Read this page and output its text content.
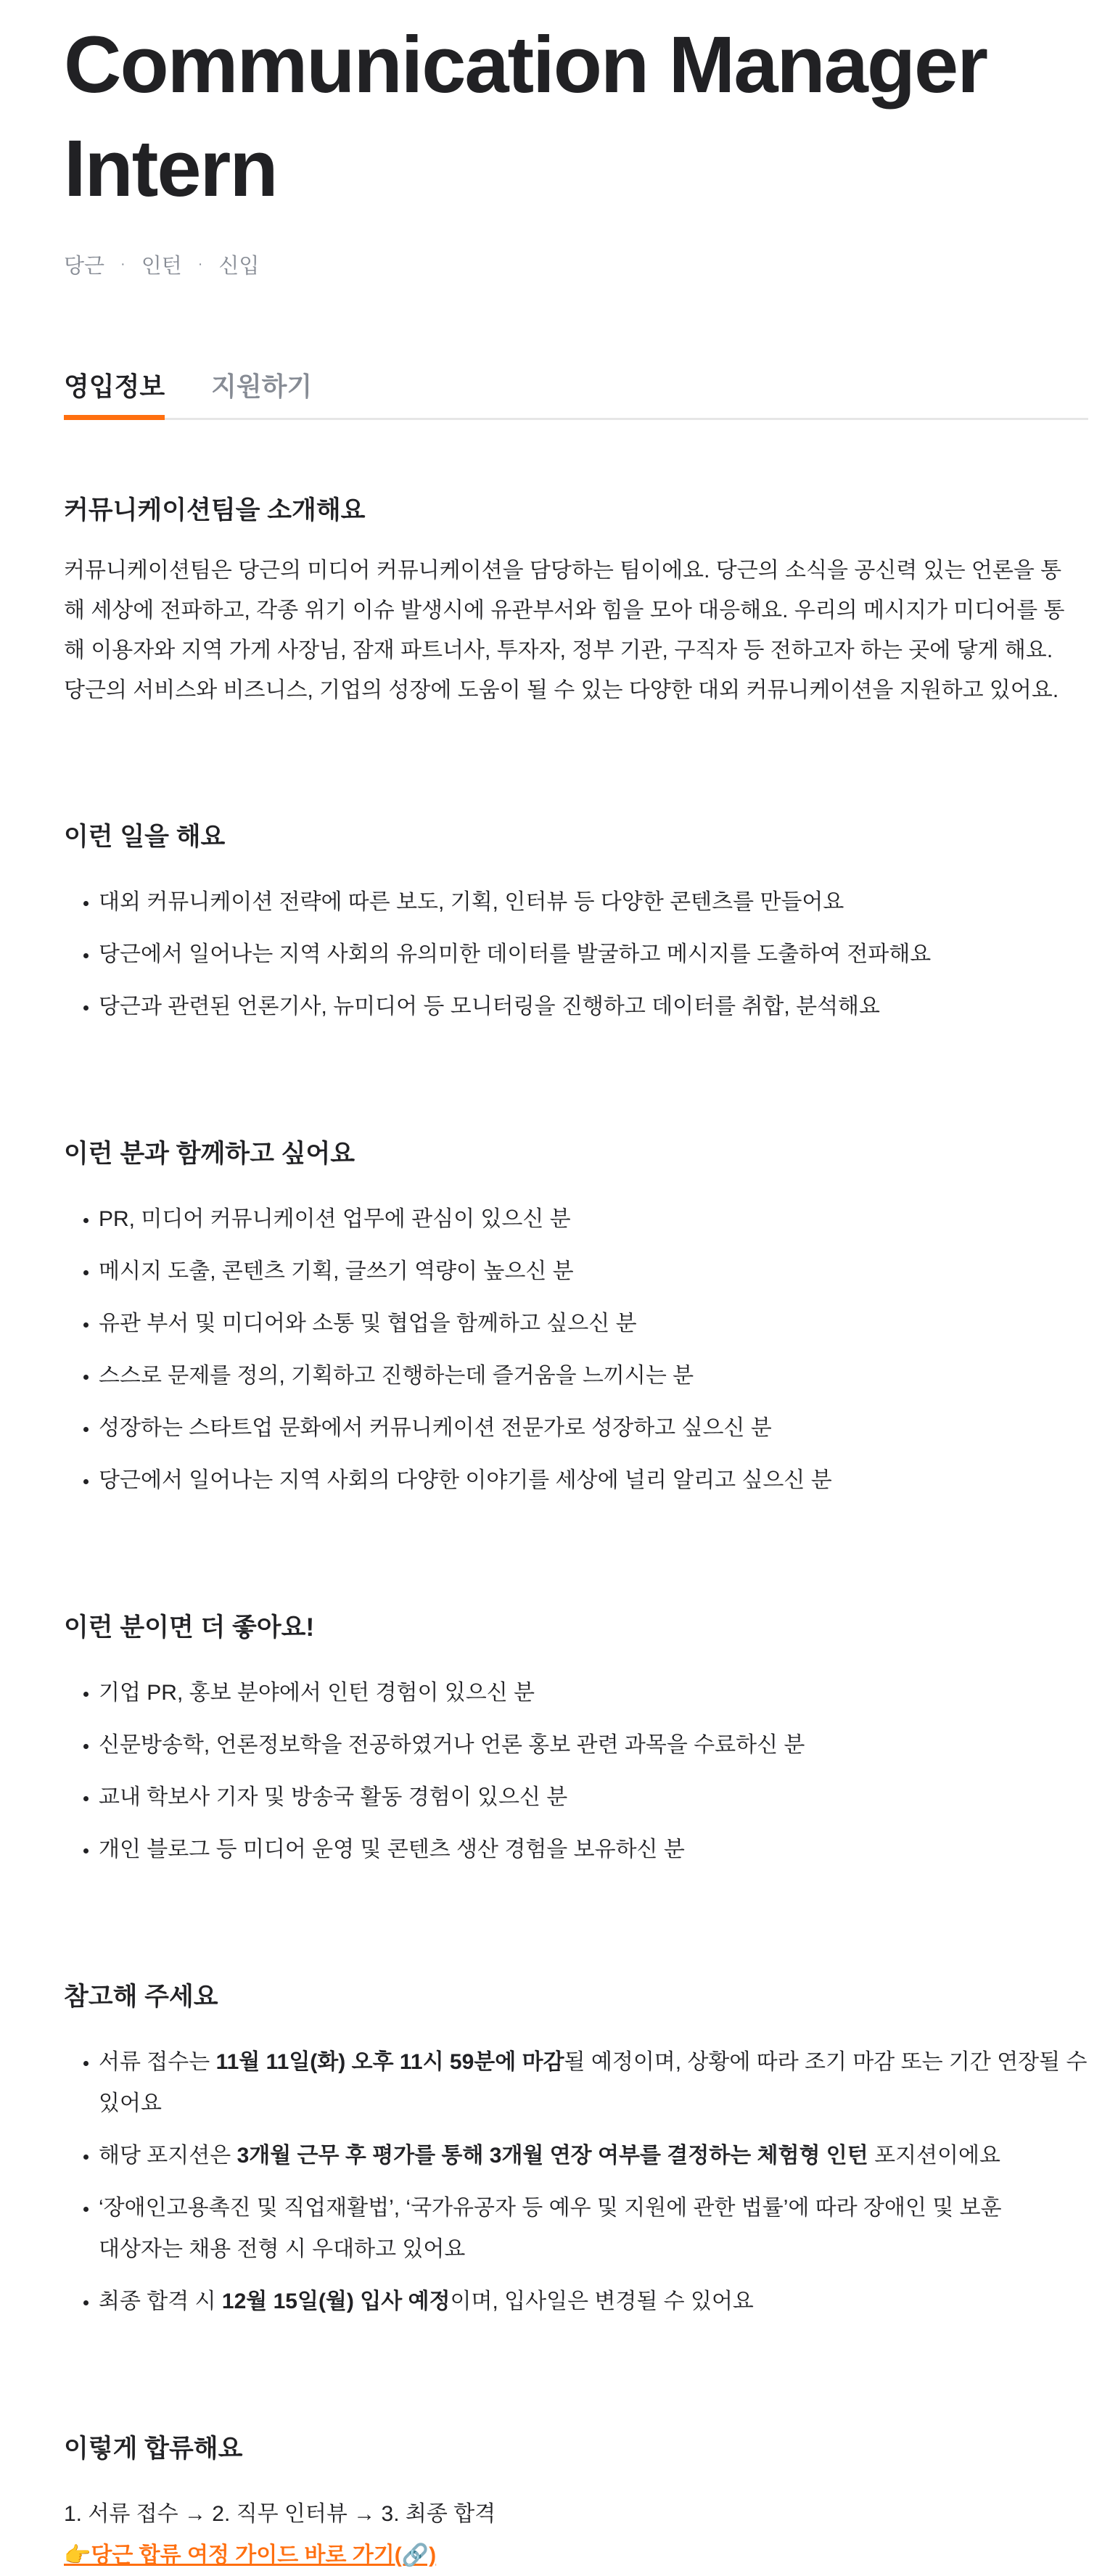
Communication Manager Intern
당근 · 인턴 · 신입
영입정보 지원하기
커뮤니케이션팀을 소개해요

커뮤니케이션팀은 당근의 미디어 커뮤니케이션을 담당하는 팀이에요. 당근의 소식을 공신력 있는 언론을 통해 세상에 전파하고, 각종 위기 이슈 발생시에 유관부서와 힘을 모아 대응해요. 우리의 메시지가 미디어를 통해 이용자와 지역 가게 사장님, 잠재 파트너사, 투자자, 정부 기관, 구직자 등 전하고자 하는 곳에 닿게 해요. 당근의 서비스와 비즈니스, 기업의 성장에 도움이 될 수 있는 다양한 대외 커뮤니케이션을 지원하고 있어요.

이런 일을 해요
• 대외 커뮤니케이션 전략에 따른 보도, 기획, 인터뷰 등 다양한 콘텐츠를 만들어요
• 당근에서 일어나는 지역 사회의 유의미한 데이터를 발굴하고 메시지를 도출하여 전파해요
• 당근과 관련된 언론기사, 뉴미디어 등 모니터링을 진행하고 데이터를 취합, 분석해요
이런 분과 함께하고 싶어요
• PR, 미디어 커뮤니케이션 업무에 관심이 있으신 분
• 메시지 도출, 콘텐츠 기획, 글쓰기 역량이 높으신 분
• 유관 부서 및 미디어와 소통 및 협업을 함께하고 싶으신 분
• 스스로 문제를 정의, 기획하고 진행하는데 즐거움을 느끼시는 분
• 성장하는 스타트업 문화에서 커뮤니케이션 전문가로 성장하고 싶으신 분
• 당근에서 일어나는 지역 사회의 다양한 이야기를 세상에 널리 알리고 싶으신 분
이런 분이면 더 좋아요!
• 기업 PR, 홍보 분야에서 인턴 경험이 있으신 분
• 신문방송학, 언론정보학을 전공하였거나 언론 홍보 관련 과목을 수료하신 분
• 교내 학보사 기자 및 방송국 활동 경험이 있으신 분
• 개인 블로그 등 미디어 운영 및 콘텐츠 생산 경험을 보유하신 분
참고해 주세요
• 서류 접수는 11월 11일(화) 오후 11시 59분에 마감될 예정이며, 상황에 따라 조기 마감 또는 기간 연장될 수 있어요
• 해당 포지션은 3개월 근무 후 평가를 통해 3개월 연장 여부를 결정하는 체험형 인턴 포지션이에요
• ‘장애인고용촉진 및 직업재활법’, ‘국가유공자 등 예우 및 지원에 관한 법률’에 따라 장애인 및 보훈대상자는 채용 전형 시 우대하고 있어요
• 최종 합격 시 12월 15일(월) 입사 예정이며, 입사일은 변경될 수 있어요
이렇게 합류해요
1. 서류 접수 → 2. 직무 인터뷰 → 3. 최종 합격
👉당근 합류 여정 가이드 바로 가기(🔗)
